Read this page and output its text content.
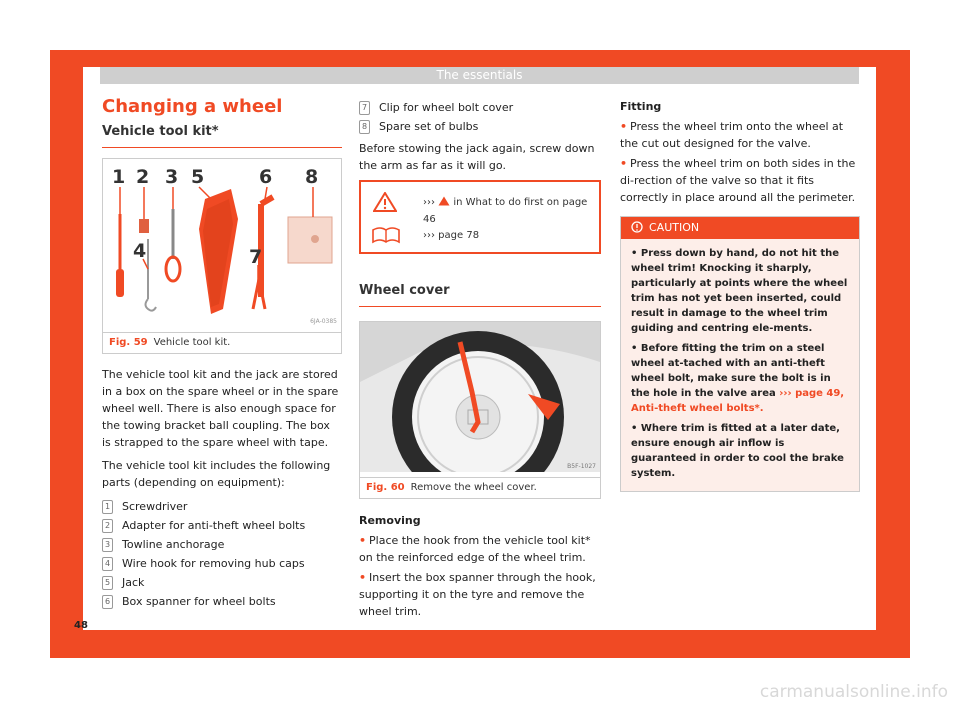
The essentials
48
Changing a wheel
Vehicle tool kit*
1 2 3 5	6 8
4	7
6JA-0385
Fig. 59 Vehicle tool kit.

The vehicle tool kit and the jack are stored in a box on the spare wheel or in the spare wheel well. There is also enough space for the towing bracket ball coupling. The box is strapped to the spare wheel with tape.

The vehicle tool kit includes the following parts (depending on equipment):

1 Screwdriver
2 Adapter for anti-theft wheel bolts
3 Towline anchorage
4 Wire hook for removing hub caps
5 Jack
6 Box spanner for wheel bolts
7 Clip for wheel bolt cover
8 Spare set of bulbs

Before stowing the jack again, screw down the arm as far as it will go.

››› in What to do first on page 46
››› page 78
Wheel cover
B5F-1027
Fig. 60 Remove the wheel cover.
Removing

• Place the hook from the vehicle tool kit* on the reinforced edge of the wheel trim.

• Insert the box spanner through the hook, supporting it on the tyre and remove the wheel trim.

Fitting

• Press the wheel trim onto the wheel at the cut out designed for the valve.

• Press the wheel trim on both sides in the di-rection of the valve so that it fits correctly in place around all the perimeter.

CAUTION

• Press down by hand, do not hit the wheel trim! Knocking it sharply, particularly at points where the wheel trim has not yet been inserted, could result in damage to the wheel trim guiding and centring ele-ments.

• Before fitting the trim on a steel wheel at-tached with an anti-theft wheel bolt, make sure the bolt is in the hole in the valve area ››› page 49, Anti-theft wheel bolts*.

• Where trim is fitted at a later date, ensure enough air inflow is guaranteed in order to cool the brake system.

carmanualsonline.info
